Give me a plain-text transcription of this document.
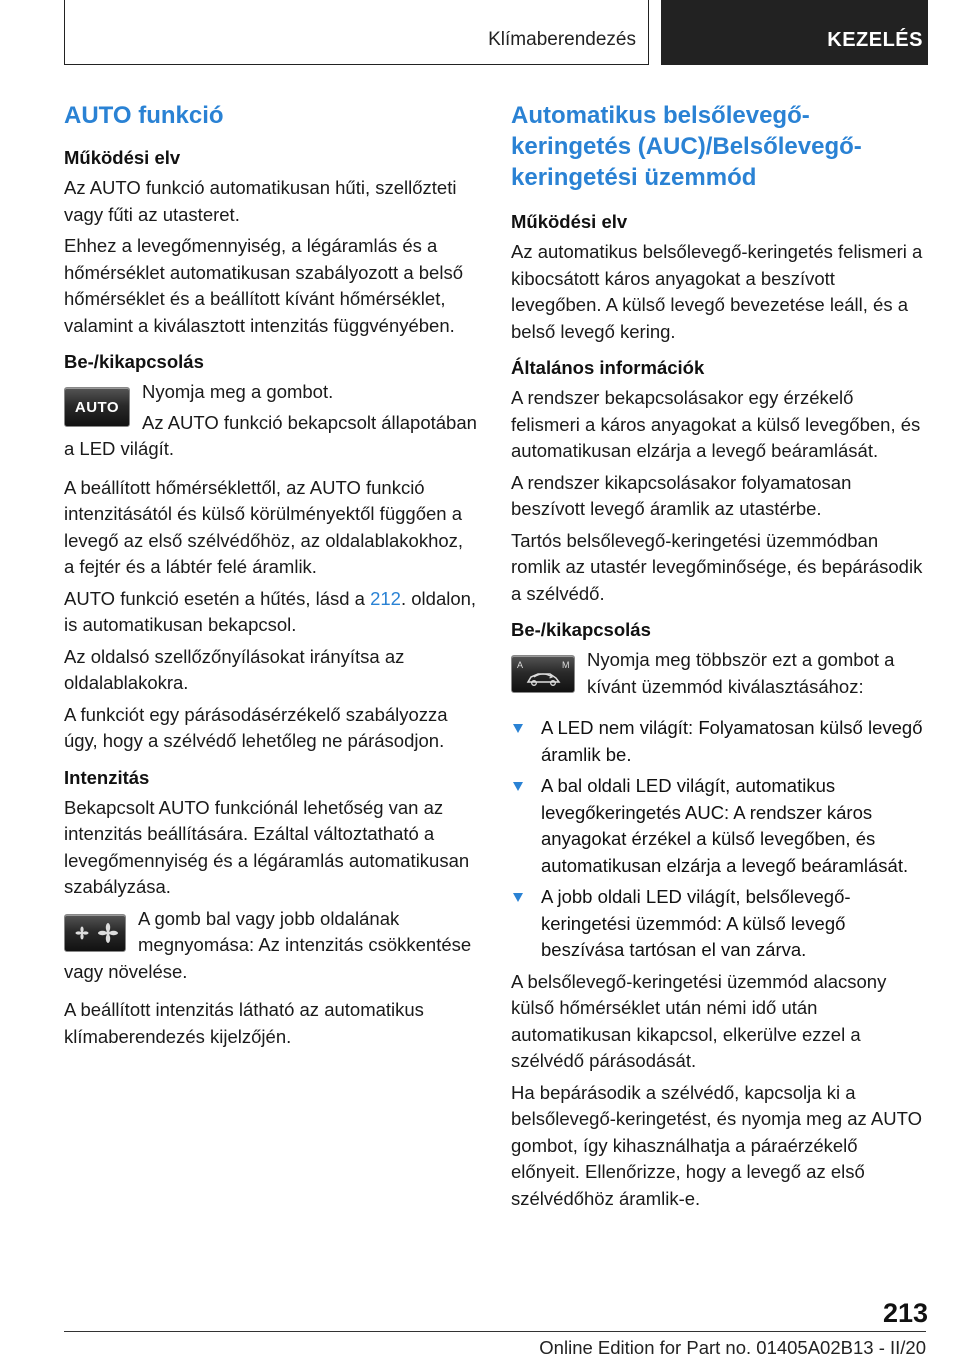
Klímaberendezés	KEZELÉS
AUTO funkció
Működési elv

Az AUTO funkció automatikusan hűti, szellőzteti vagy fűti az utasteret.

Ehhez a levegőmennyiség, a légáramlás és a hőmérséklet automatikusan szabályozott a belső hőmérséklet és a beállított kívánt hőmérséklet, valamint a kiválasztott intenzitás függvényében.

Be-/kikapcsolás
AUTO

Nyomja meg a gombot.

Az AUTO funkció bekapcsolt állapotában a LED világít.

A beállított hőmérséklettől, az AUTO funkció intenzitásától és külső körülményektől függően a levegő az első szélvédőhöz, az oldalablakokhoz, a fejtér és a lábtér felé áramlik.

AUTO funkció esetén a hűtés, lásd a 212. oldalon, is automatikusan bekapcsol.

Az oldalsó szellőzőnyílásokat irányítsa az oldalablakokra.

A funkciót egy párásodásérzékelő szabályozza úgy, hogy a szélvédő lehetőleg ne párásodjon.

Intenzitás

Bekapcsolt AUTO funkciónál lehetőség van az intenzitás beállítására. Ezáltal változtatható a levegőmennyiség és a légáramlás automatikusan szabályzása.

A gomb bal vagy jobb oldalának megnyomása: Az intenzitás csökkentése vagy növelése.

A beállított intenzitás látható az automatikus klímaberendezés kijelzőjén.

Automatikus belsőlevegő-keringetés (AUC)/Belsőlevegő-keringetési üzemmód
Működési elv

Az automatikus belsőlevegő-keringetés felismeri a kibocsátott káros anyagokat a beszívott levegőben. A külső levegő bevezetése leáll, és a belső levegő kering.

Általános információk

A rendszer bekapcsolásakor egy érzékelő felismeri a káros anyagokat a külső levegőben, és automatikusan elzárja a levegő beáramlását.

A rendszer kikapcsolásakor folyamatosan beszívott levegő áramlik az utastérbe.

Tartós belsőlevegő-keringetési üzemmódban romlik az utastér levegőminősége, és bepárásodik a szélvédő.

Be-/kikapcsolás
A	M Nyomja meg többször ezt a gombot a kívánt üzemmód kiválasztásához:

A LED nem világít: Folyamatosan külső levegő áramlik be.
A bal oldali LED világít, automatikus levegőkeringetés AUC: A rendszer káros anyagokat érzékel a külső levegőben, és automatikusan elzárja a levegő beáramlását.
A jobb oldali LED világít, belsőlevegő-keringetési üzemmód: A külső levegő beszívása tartósan el van zárva.

A belsőlevegő-keringetési üzemmód alacsony külső hőmérséklet után némi idő után automatikusan kikapcsol, elkerülve ezzel a szélvédő párásodását.

Ha bepárásodik a szélvédő, kapcsolja ki a belsőlevegő-keringetést, és nyomja meg az AUTO gombot, így kihasználhatja a páraérzékelő előnyeit. Ellenőrizze, hogy a levegő az első szélvédőhöz áramlik-e.

213
Online Edition for Part no. 01405A02B13 - II/20
